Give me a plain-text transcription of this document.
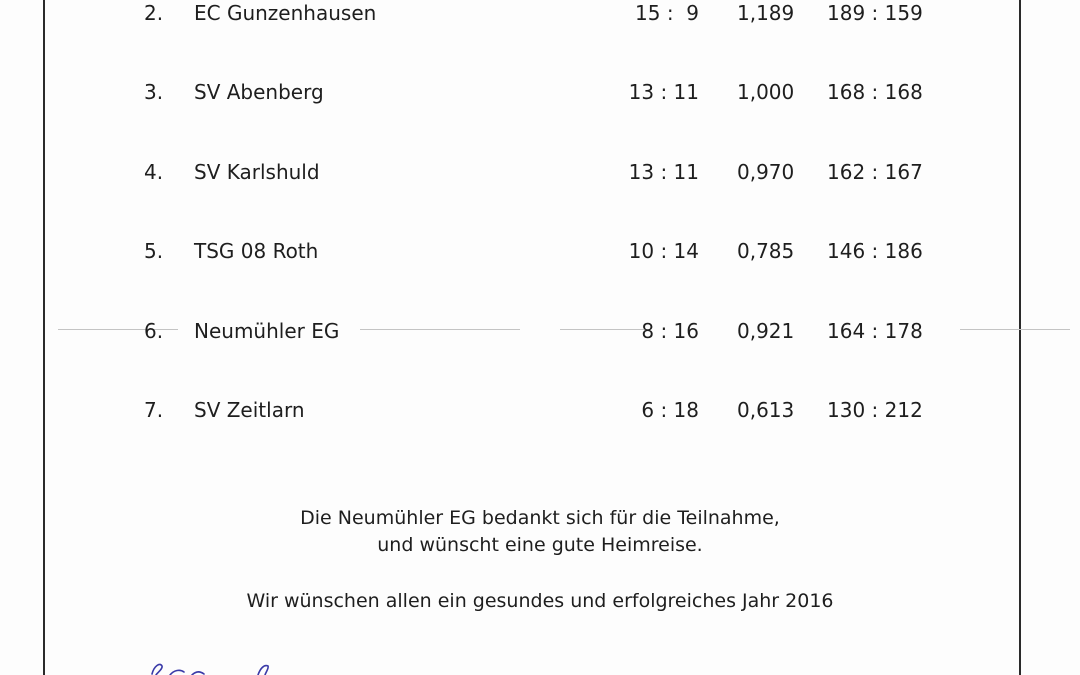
2. EC Gunzenhausen	15 :  9 1,189 189 : 159
3. SV Abenberg	13 : 11 1,000 168 : 168
4. SV Karlshuld	13 : 11 0,970 162 : 167
5. TSG 08 Roth	10 : 14 0,785 146 : 186
6. Neumühler EG	8 : 16 0,921 164 : 178
7. SV Zeitlarn	6 : 18 0,613 130 : 212
Die Neumühler EG bedankt sich für die Teilnahme,
und wünscht eine gute Heimreise.
Wir wünschen allen ein gesundes und erfolgreiches Jahr 2016
